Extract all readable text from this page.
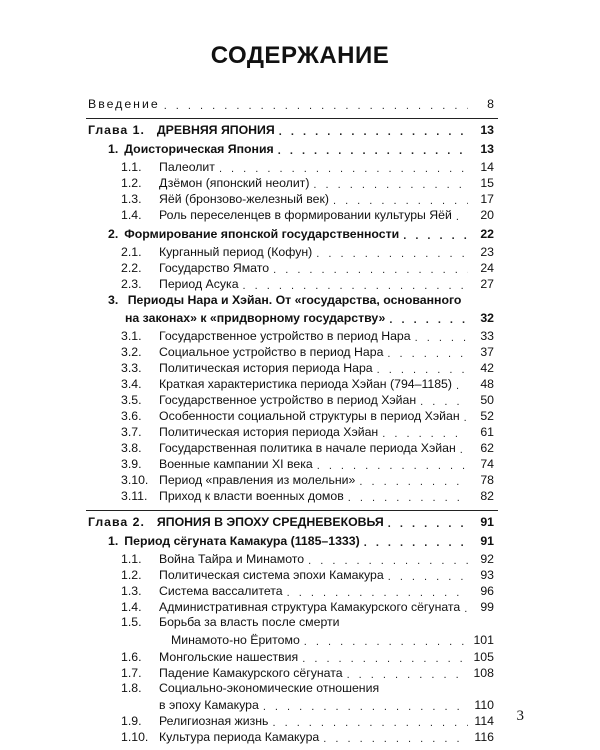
СОДЕРЖАНИЕ
Введение . . .	8
Глава 1. ДРЕВНЯЯ ЯПОНИЯ . . .	13
1. Доисторическая Япония . . .	13
1.1.	Палеолит . . .	14
1.2.	Дзёмон (японский неолит) . . .	15
1.3.	Яёй (бронзово-железный век) . . .	17
1.4.	Роль переселенцев в формировании культуры Яёй . . .	20
2. Формирование японской государственности . . .	22
2.1.	Курганный период (Кофун) . . .	23
2.2.	Государство Ямато . . .	24
2.3.	Период Асука . . .	27
3. Периоды Нара и Хэйан. От «государства, основанного
на законах» к «придворному государству» . . .	32
3.1.	Государственное устройство в период Нара . . .	33
3.2.	Социальное устройство в период Нара . . .	37
3.3.	Политическая история периода Нара . . .	42
3.4.	Краткая характеристика периода Хэйан (794–1185) . . .	48
3.5.	Государственное устройство в период Хэйан . . .	50
3.6.	Особенности социальной структуры в период Хэйан . . .	52
3.7.	Политическая история периода Хэйан . . .	61
3.8.	Государственная политика в начале периода Хэйан . . .	62
3.9.	Военные кампании XI века . . .	74
3.10. Период «правления из молельни» . . .	78
3.11. Приход к власти военных домов . . .	82
Глава 2. ЯПОНИЯ В ЭПОХУ СРЕДНЕВЕКОВЬЯ . . .	91
1. Период сёгуната Камакура (1185–1333) . . .	91
1.1.	Война Тайра и Минамото . . .	92
1.2.	Политическая система эпохи Камакура . . .	93
1.3.	Система вассалитета . . .	96
1.4.	Административная структура Камакурского сёгуната . . .	99
1.5. Борьба за власть после смерти
Минамото-но Ёритомо . . .	101
1.6.	Монгольские нашествия . . .	105
1.7.	Падение Камакурского сёгуната . . .	108
1.8. Социально-экономические отношения
в эпоху Камакура . . .	110
1.9.	Религиозная жизнь . . .	114
1.10. Культура периода Камакура . . .	116
3
